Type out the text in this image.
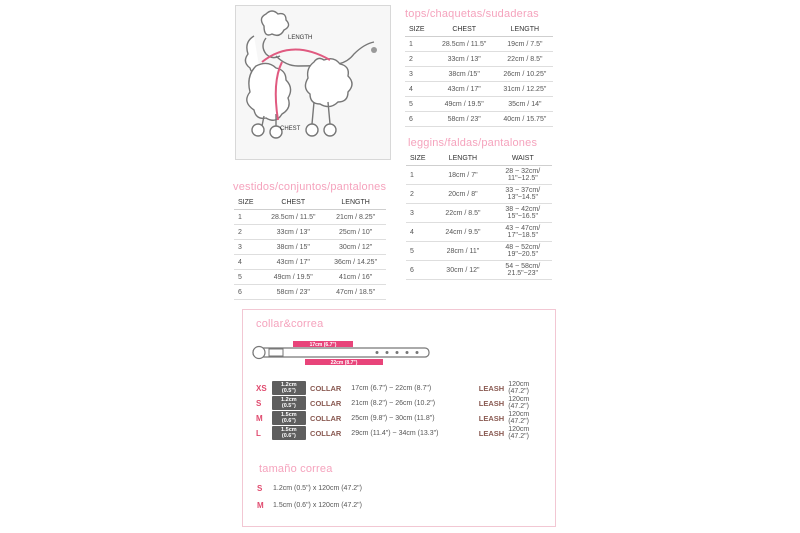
LENGTH
CHEST
tops/chaquetas/sudaderas
SIZE	CHEST	LENGTH
1	28.5cm / 11.5"	19cm / 7.5"
2	33cm / 13"	22cm / 8.5"
3	38cm /15"	26cm / 10.25"
4	43cm / 17"	31cm / 12.25"
5	49cm / 19.5"	35cm / 14"
6	58cm / 23"	40cm / 15.75"
leggins/faldas/pantalones
SIZE	LENGTH	WAIST
1	18cm / 7"	28 ~ 32cm/
11"~12.5"
2	20cm / 8"	33 ~ 37cm/
13"~14.5"
3	22cm / 8.5"	38 ~ 42cm/
15"~16.5"
4	24cm / 9.5"	43 ~ 47cm/
17"~18.5"
5	28cm / 11"	48 ~ 52cm/
19"~20.5"
6	30cm / 12"	54 ~ 58cm/
21.5"~23"
vestidos/conjuntos/pantalones
SIZE	CHEST	LENGTH
1	28.5cm / 11.5"	21cm / 8.25"
2	33cm / 13"	25cm / 10"
3	38cm / 15"	30cm / 12"
4	43cm / 17"	36cm / 14.25"
5	49cm / 19.5"	41cm / 16"
6	58cm / 23"	47cm / 18.5"
collar&correa
17cm (6.7")
22cm (8.7")
XS	1.2cm (0.5")	COLLAR 17cm (6.7") ~ 22cm (8.7")	LEASH 120cm (47.2")
S	1.2cm (0.5")	COLLAR 21cm (8.2") ~ 26cm (10.2")	LEASH 120cm (47.2")
M	1.5cm (0.6")	COLLAR 25cm (9.8") ~ 30cm (11.8")	LEASH 120cm (47.2")
L	1.5cm (0.6")	COLLAR 29cm (11.4") ~ 34cm (13.3")	LEASH 120cm (47.2")
tamaño correa
S	1.2cm (0.5") x 120cm (47.2")
M	1.5cm (0.6") x 120cm (47.2")
